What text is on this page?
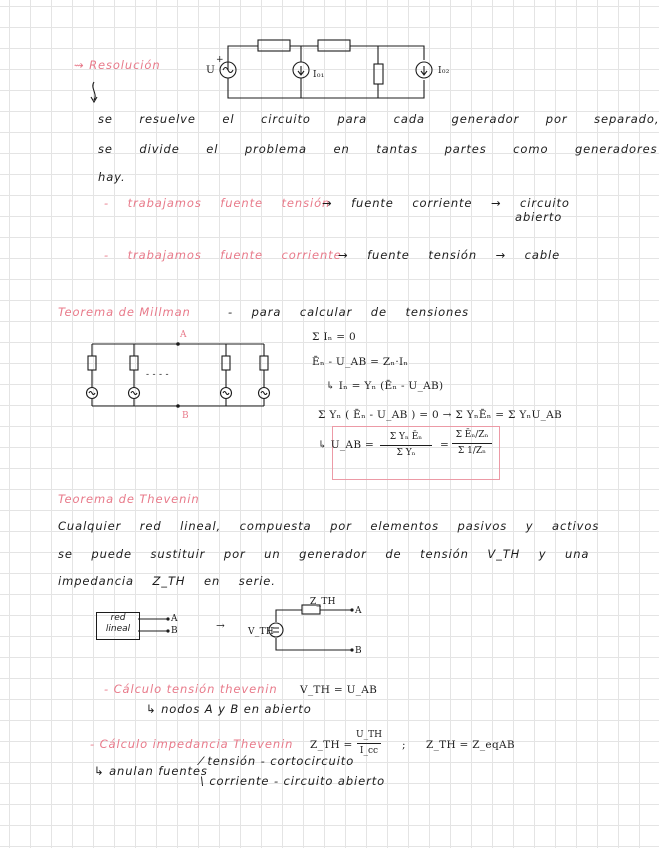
⇝ Resolución	U
+
I₀₁	I₀₂
se resuelve el circuito para cada generador por separado,
se divide el problema en tantas partes como generadores
hay.
- trabajamos fuente tensión
→ fuente corriente → circuito
abierto
- trabajamos fuente corriente
→ fuente tensión → cable
Teorema de Millman	- para calcular de tensiones
A
B
- - - -
Σ Iₙ = 0
Ēₙ - U_AB = Zₙ·Iₙ
↳ Iₙ = Yₙ (Ēₙ - U_AB)
Σ Yₙ ( Ēₙ - U_AB ) = 0 → Σ YₙĒₙ = Σ YₙU_AB
↳ U_AB =
Σ Yₙ Ēₙ
Σ Yₙ
=
Σ Ēₙ/Zₙ
Σ 1/Zₙ
Teorema de Thevenin
Cualquier red lineal, compuesta por elementos pasivos y activos
se puede sustituir por un generador de tensión V_TH y una
impedancia Z_TH en serie.
red lineal
A
B	→	V_TH
Z_TH
A
B
- Cálculo tensión thevenin V_TH = U_AB
↳ nodos A y B en abierto
- Cálculo impedancia Thevenin Z_TH =
U_TH
I_cc	; Z_TH = Z_eqAB
↳ anulan fuentes
⁄ tensión - cortocircuito
\ corriente - circuito abierto
